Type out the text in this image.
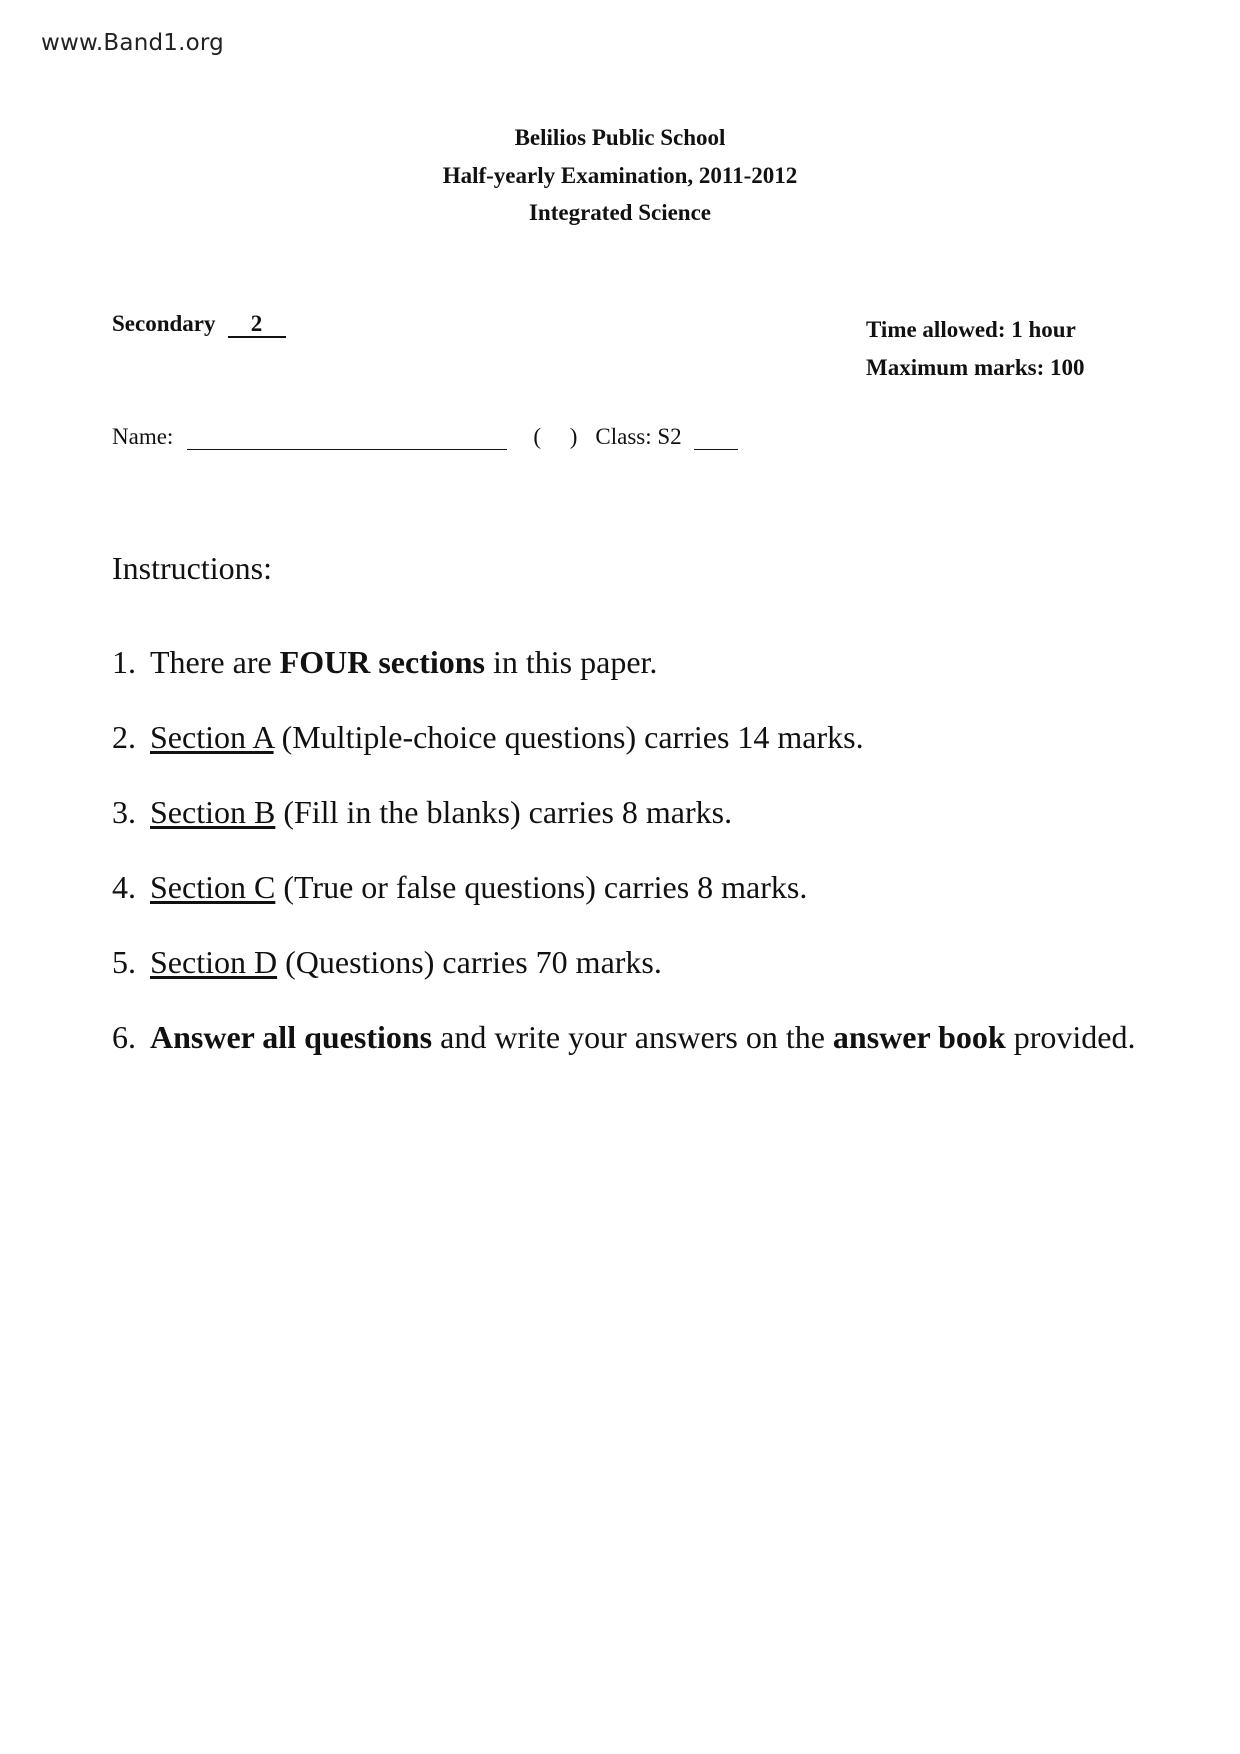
www.Band1.org
Belilios Public School
Half-yearly Examination, 2011-2012
Integrated Science
Secondary 2	Time allowed: 1 hour
Maximum marks: 100
Name:	(     ) Class: S2
Instructions:
1. There are FOUR sections in this paper.
2. Section A (Multiple-choice questions) carries 14 marks.
3. Section B (Fill in the blanks) carries 8 marks.
4. Section C (True or false questions) carries 8 marks.
5. Section D (Questions) carries 70 marks.
6. Answer all questions and write your answers on the answer book provided.
